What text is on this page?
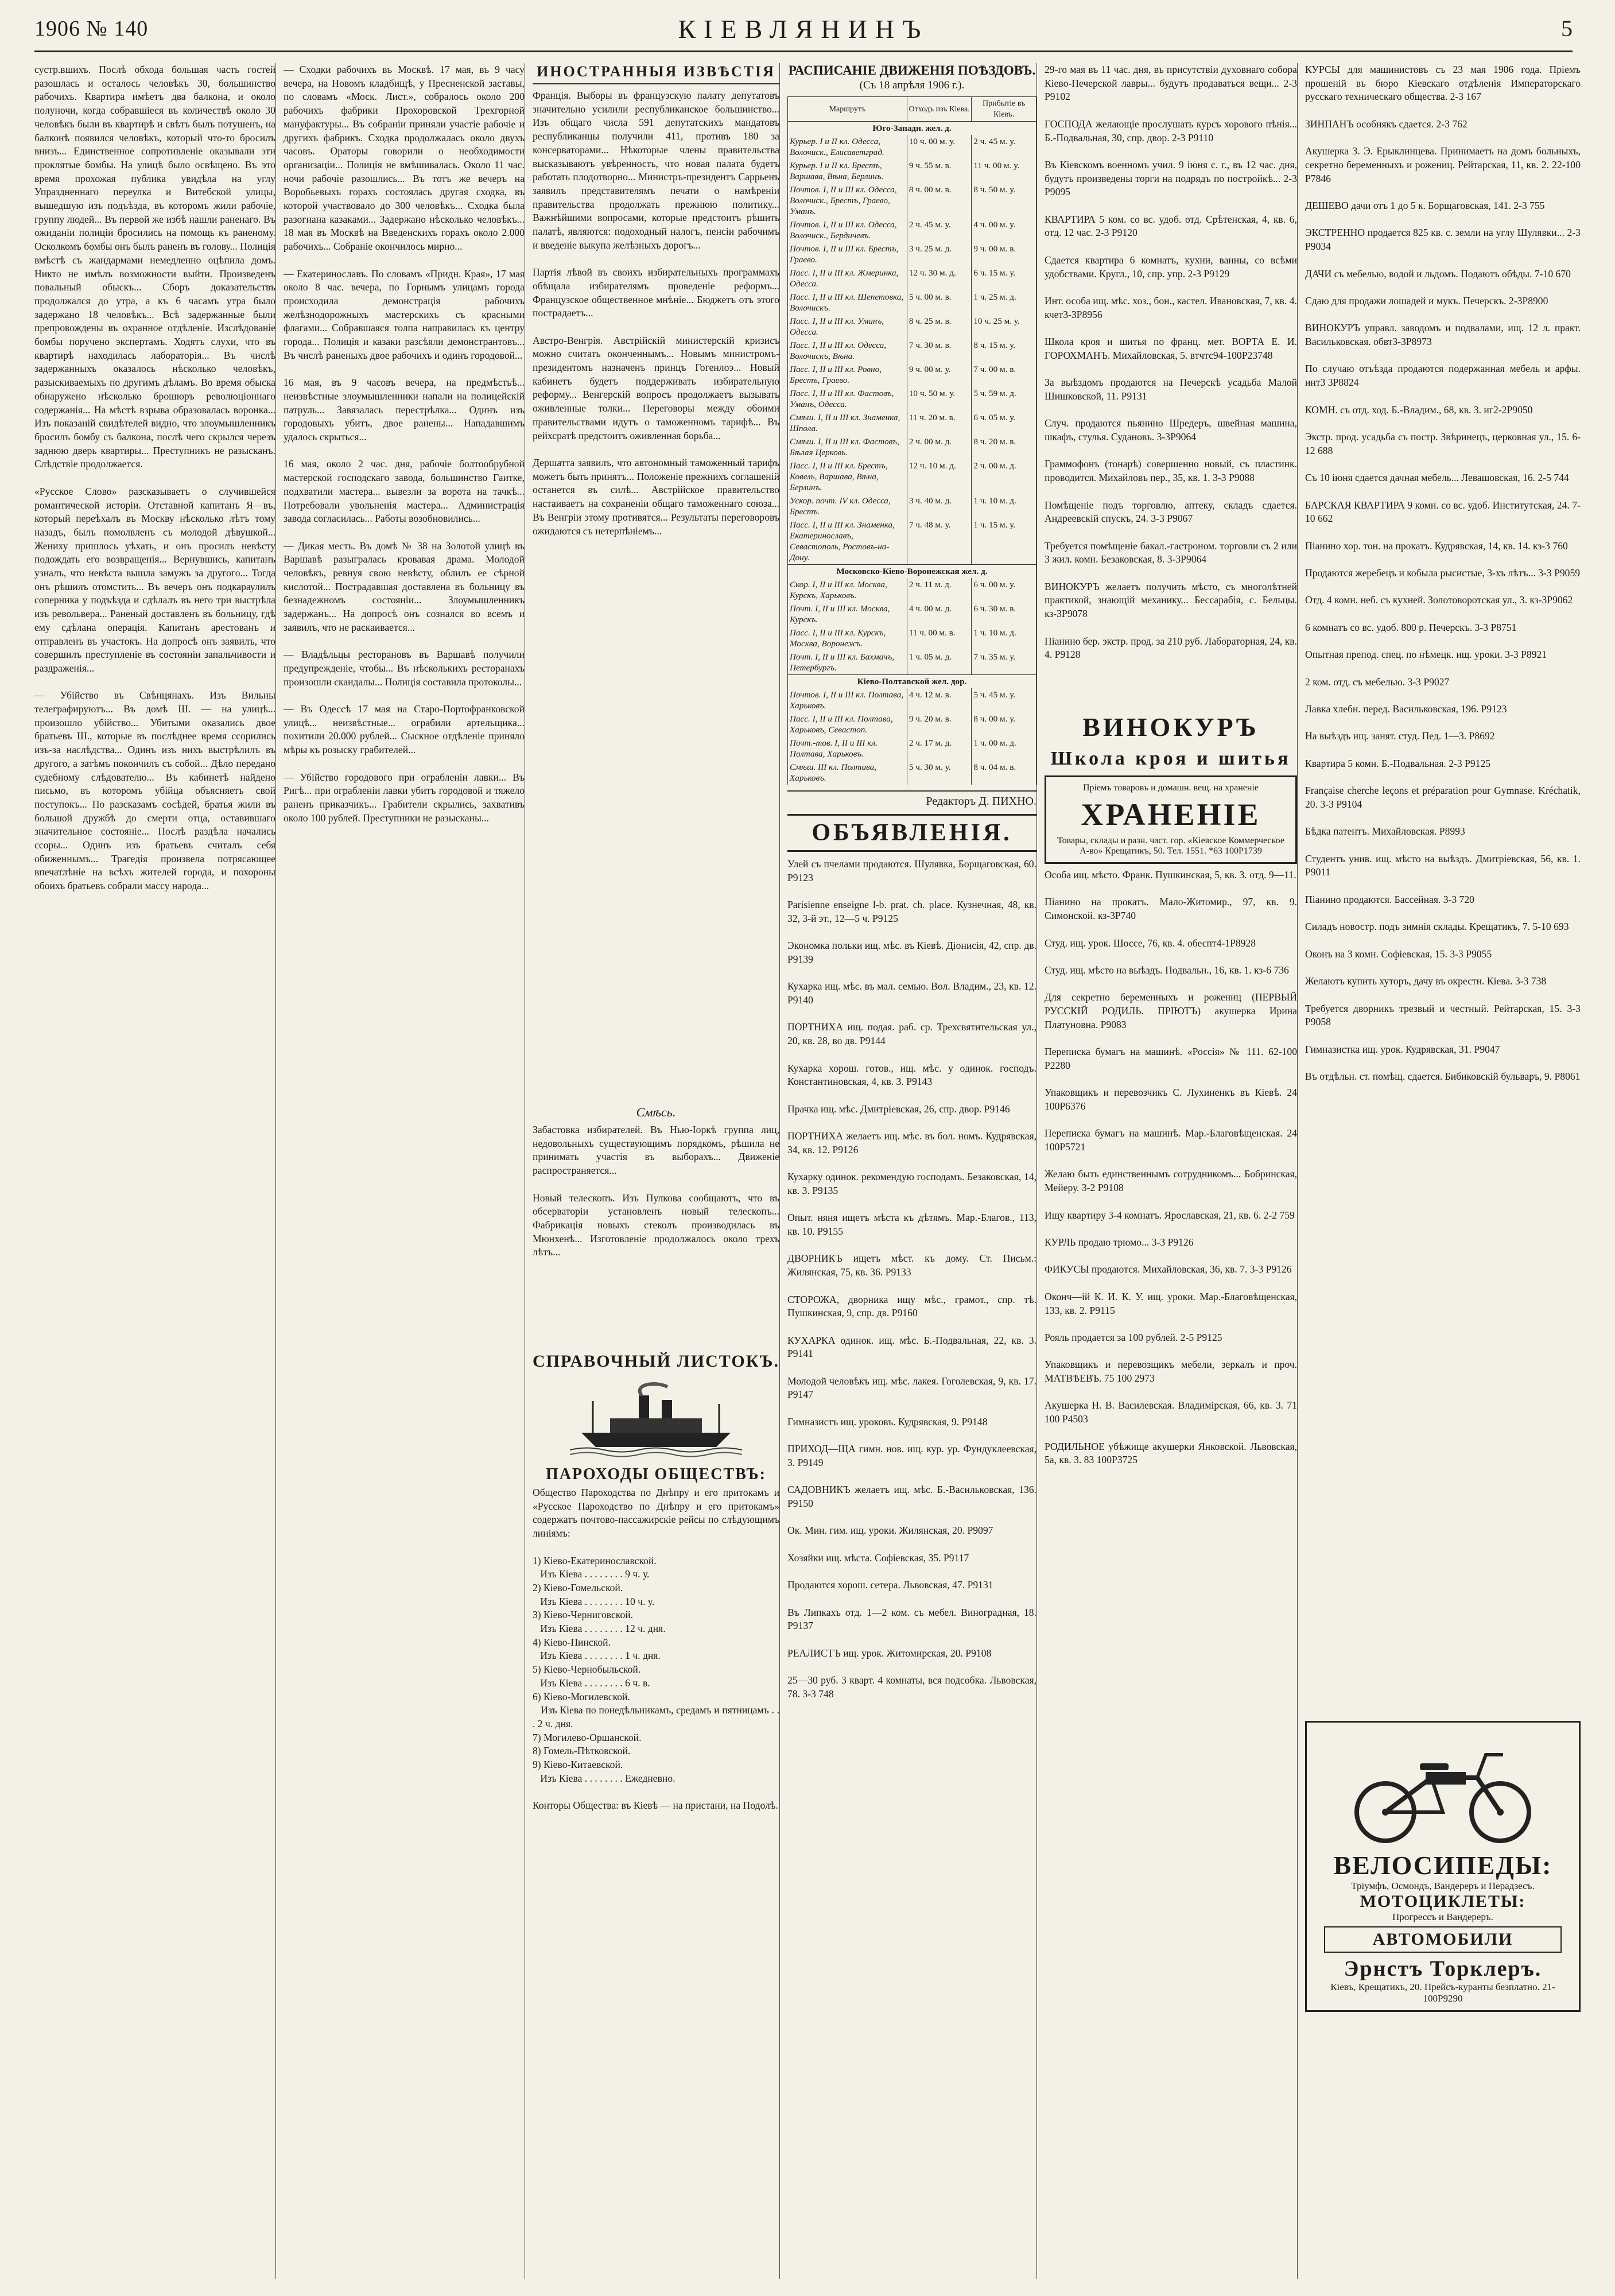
1906 № 140	КІЕВЛЯНИНЪ	5

сустр.вшихъ. Послѣ обхода большая часть гостей разошлась и осталось человѣкъ 30, большинство рабочихъ. Квартира имѣетъ два балкона, и около полуночи, когда собравшіеся въ количествѣ около 30 человѣкъ были въ квартирѣ и свѣтъ былъ потушенъ, на балконѣ появился человѣкъ, который что-то бросилъ внизъ... Единственное сопротивленіе оказывали эти проклятые бомбы. На улицѣ было освѣщено. Въ это время прохожая публика увидѣла на углу Упраздненнаго переулка и Витебской улицы, вышедшую изъ подъѣзда, въ которомъ жили рабочіе, группу людей... Въ первой же избѣ нашли раненаго. Въ ожиданіи полиціи бросились на помощь къ раненому. Осколкомъ бомбы онъ былъ раненъ въ голову... Полиція вмѣстѣ съ жандармами немедленно оцѣпила домъ. Никто не имѣлъ возможности выйти. Произведенъ повальный обыскъ... Сборъ доказательствъ продолжался до утра, а къ 6 часамъ утра было задержано 18 человѣкъ... Всѣ задержанные были препровождены въ охранное отдѣленіе. Изслѣдованіе бомбы поручено экспертамъ. Ходятъ слухи, что въ квартирѣ находилась лабораторія... Въ числѣ задержанныхъ оказалось нѣсколько человѣкъ, разыскиваемыхъ по другимъ дѣламъ. Во время обыска обнаружено нѣсколько брошюръ революціоннаго содержанія... На мѣстѣ взрыва образовалась воронка... Изъ показаній свидѣтелей видно, что злоумышленникъ бросилъ бомбу съ балкона, послѣ чего скрылся черезъ заднюю дверь квартиры... Преступникъ не разысканъ. Слѣдствіе продолжается.

«Русское Слово» разсказываетъ о случившейся романтической исторіи. Отставной капитанъ Я—въ, который переѣхалъ въ Москву нѣсколько лѣтъ тому назадъ, былъ помолвленъ съ молодой дѣвушкой... Жениху пришлось уѣхать, и онъ просилъ невѣсту подождать его возвращенія... Вернувшись, капитанъ узналъ, что невѣста вышла замужъ за другого... Тогда онъ рѣшилъ отомстить... Въ вечеръ онъ подкараулилъ соперника у подъѣзда и сдѣлалъ въ него три выстрѣла изъ револьвера... Раненый доставленъ въ больницу, гдѣ ему сдѣлана операція. Капитанъ арестованъ и отправленъ въ участокъ. На допросѣ онъ заявилъ, что совершилъ преступленіе въ состояніи запальчивости и раздраженія...

— Убійство въ Свѣнцянахъ. Изъ Вильны телеграфируютъ... Въ домѣ Ш. — на улицѣ... произошло убійство... Убитыми оказались двое братьевъ Ш., которые въ послѣднее время ссорились изъ-за наслѣдства... Одинъ изъ нихъ выстрѣлилъ въ другого, а затѣмъ покончилъ съ собой... Дѣло передано судебному слѣдователю... Въ кабинетѣ найдено письмо, въ которомъ убійца объясняетъ свой поступокъ... По разсказамъ сосѣдей, братья жили въ большой дружбѣ до смерти отца, оставившаго значительное состояніе... Послѣ раздѣла начались ссоры... Одинъ изъ братьевъ считалъ себя обиженнымъ... Трагедія произвела потрясающее впечатлѣніе на всѣхъ жителей города, и похороны обоихъ братьевъ собрали массу народа...

— Сходки рабочихъ въ Москвѣ. 17 мая, въ 9 часу вечера, на Новомъ кладбищѣ, у Пресненской заставы, по словамъ «Моск. Лист.», собралось около 200 рабочихъ фабрики Прохоровской Трехгорной мануфактуры... Въ собраніи приняли участіе рабочіе и другихъ фабрикъ. Сходка продолжалась около двухъ часовъ. Ораторы говорили о необходимости организаціи... Полиція не вмѣшивалась. Около 11 час. ночи рабочіе разошлись... Въ тотъ же вечеръ на Воробьевыхъ горахъ состоялась другая сходка, въ которой участвовало до 300 человѣкъ... Сходка была разогнана казаками... Задержано нѣсколько человѣкъ... 18 мая въ Москвѣ на Введенскихъ горахъ около 2.000 рабочихъ... Собраніе окончилось мирно...

— Екатеринославъ. По словамъ «Придн. Края», 17 мая около 8 час. вечера, по Горнымъ улицамъ города происходила демонстрація рабочихъ желѣзнодорожныхъ мастерскихъ съ красными флагами... Собравшаяся толпа направилась къ центру города... Полиція и казаки разсѣяли демонстрантовъ... Въ числѣ раненыхъ двое рабочихъ и одинъ городовой...

16 мая, въ 9 часовъ вечера, на предмѣстьѣ... неизвѣстные злоумышленники напали на полицейскій патруль... Завязалась перестрѣлка... Одинъ изъ городовыхъ убитъ, двое ранены... Нападавшимъ удалось скрыться...

16 мая, около 2 час. дня, рабочіе болтообрубной мастерской господскаго завода, большинство Гаитке, подхватили мастера... вывезли за ворота на тачкѣ... Потребовали увольненія мастера... Администрація завода согласилась... Работы возобновились...

— Дикая месть. Въ домѣ № 38 на Золотой улицѣ въ Варшавѣ разыгралась кровавая драма. Молодой человѣкъ, ревнуя свою невѣсту, облилъ ее сѣрной кислотой... Пострадавшая доставлена въ больницу въ безнадежномъ состояніи... Злоумышленникъ задержанъ... На допросѣ онъ сознался во всемъ и заявилъ, что не раскаивается...

— Владѣльцы ресторановъ въ Варшавѣ получили предупрежденіе, чтобы... Въ нѣсколькихъ ресторанахъ произошли скандалы... Полиція составила протоколы...

— Въ Одессѣ 17 мая на Старо-Портофранковской улицѣ... неизвѣстные... ограбили артельщика... похитили 20.000 рублей... Сыскное отдѣленіе приняло мѣры къ розыску грабителей...

— Убійство городового при ограбленіи лавки... Въ Ригѣ... при ограбленіи лавки убитъ городовой и тяжело раненъ приказчикъ... Грабители скрылись, захвативъ около 100 рублей. Преступники не разысканы...

ИНОСТРАННЫЯ ИЗВѢСТІЯ

Франція. Выборы въ французскую палату депутатовъ значительно усилили республиканское большинство... Изъ общаго числа 591 депутатскихъ мандатовъ республиканцы получили 411, противъ 180 за консерваторами... Нѣкоторые члены правительства высказываютъ увѣренность, что новая палата будетъ работать плодотворно... Министръ-президентъ Саррьенъ заявилъ представителямъ печати о намѣреніи правительства продолжать прежнюю политику... Важнѣйшими вопросами, которые предстоитъ рѣшить палатѣ, являются: подоходный налогъ, пенсіи рабочимъ и введеніе выкупа желѣзныхъ дорогъ...

Партія лѣвой въ своихъ избирательныхъ программахъ обѣщала избирателямъ проведеніе реформъ... Французское общественное мнѣніе... Бюджетъ отъ этого пострадаетъ...

Австро-Венгрія. Австрійскій министерскій кризисъ можно считать оконченнымъ... Новымъ министромъ-президентомъ назначенъ принцъ Гогенлоэ... Новый кабинетъ будетъ поддерживать избирательную реформу... Венгерскій вопросъ продолжаетъ вызывать оживленные толки... Переговоры между обоими правительствами идутъ о таможенномъ тарифѣ... Въ рейхсратѣ предстоитъ оживленная борьба...

Дершатта заявилъ, что автономный таможенный тарифъ можетъ быть принятъ... Положеніе прежнихъ соглашеній останется въ силѣ... Австрійское правительство настаиваетъ на сохраненіи общаго таможеннаго союза... Въ Венгріи этому противятся... Результаты переговоровъ ожидаются съ нетерпѣніемъ...

Смѣсь.

Забастовка избирателей. Въ Нью-Іоркѣ группа лиц, недовольныхъ существующимъ порядкомъ, рѣшила не принимать участія въ выборахъ... Движеніе распространяется...

Новый телескопъ. Изъ Пулкова сообщаютъ, что въ обсерваторіи установленъ новый телескопъ... Фабрикація новыхъ стеколъ производилась въ Мюнхенѣ... Изготовленіе продолжалось около трехъ лѣтъ...

СПРАВОЧНЫЙ ЛИСТОКЪ.
ПАРОХОДЫ ОБЩЕСТВЪ:

Общество Пароходства по Днѣпру и его притокамъ и «Русское Пароходство по Днѣпру и его притокамъ» содержатъ почтово-пассажирскіе рейсы по слѣдующимъ линіямъ:

1) Кіево-Екатеринославской.
Изъ Кіева . . . . . . . . 9 ч. у.
2) Кіево-Гомельской.
Изъ Кіева . . . . . . . . 10 ч. у.
3) Кіево-Черниговской.
Изъ Кіева . . . . . . . . 12 ч. дня.
4) Кіево-Пинской.
Изъ Кіева . . . . . . . . 1 ч. дня.
5) Кіево-Чернобыльской.
Изъ Кіева . . . . . . . . 6 ч. в.
6) Кіево-Могилевской.
Изъ Кіева по понедѣльникамъ, средамъ и пятницамъ . . . 2 ч. дня.
7) Могилево-Оршанской.
8) Гомель-Пѣтковской.
9) Кіево-Китаевской.
Изъ Кіева . . . . . . . . Ежедневно.

Конторы Общества: въ Кіевѣ — на пристани, на Подолѣ.

РАСПИСАНІЕ ДВИЖЕНІЯ ПОѢЗДОВЪ.
(Съ 18 апрѣля 1906 г.).
Маршрутъ	Отходъ изъ Кіева.	Прибытіе въ Кіевъ.
Юго-Западн. жел. д.		
Курьер. I и II кл. Одесса, Волочиск., Елисаветград.	10 ч. 00 м. у.	2 ч. 45 м. у.
Курьер. I и II кл. Брестъ, Варшава, Вѣна, Берлинъ.	9 ч. 55 м. в.	11 ч. 00 м. у.
Почтов. I, II и III кл. Одесса, Волочиск., Брестъ, Граево, Уманъ.	8 ч. 00 м. в.	8 ч. 50 м. у.
Почтов. I, II и III кл. Одесса, Волочиск., Бердичевъ.	2 ч. 45 м. у.	4 ч. 00 м. у.
Почтов. I, II и III кл. Брестъ, Граево.	3 ч. 25 м. д.	9 ч. 00 м. в.
Пасс. I, II и III кл. Жмеринка, Одесса.	12 ч. 30 м. д.	6 ч. 15 м. у.
Пасс. I, II и III кл. Шепетовка, Волочискъ.	5 ч. 00 м. в.	1 ч. 25 м. д.
Пасс. I, II и III кл. Уманъ, Одесса.	8 ч. 25 м. в.	10 ч. 25 м. у.
Пасс. I, II и III кл. Одесса, Волочискъ, Вѣна.	7 ч. 30 м. в.	8 ч. 15 м. у.
Пасс. I, II и III кл. Ровно, Брестъ, Граево.	9 ч. 00 м. у.	7 ч. 00 м. в.
Пасс. I, II и III кл. Фастовъ, Уманъ, Одесса.	10 ч. 50 м. у.	5 ч. 59 м. д.
Смѣш. I, II и III кл. Знаменка, Шпола.	11 ч. 20 м. в.	6 ч. 05 м. у.
Смѣш. I, II и III кл. Фастовъ, Бѣлая Церковь.	2 ч. 00 м. д.	8 ч. 20 м. в.
Пасс. I, II и III кл. Брестъ, Ковель, Варшава, Вѣна, Берлинъ.	12 ч. 10 м. д.	2 ч. 00 м. д.
Ускор. почт. IV кл. Одесса, Брестъ.	3 ч. 40 м. д.	1 ч. 10 м. д.
Пасс. I, II и III кл. Знаменка, Екатеринославъ, Севастополь, Ростовъ-на-Дону.	7 ч. 48 м. у.	1 ч. 15 м. у.
Московско-Кіево-Воронежская жел. д.		
Скор. I, II и III кл. Москва, Курскъ, Харьковъ.	2 ч. 11 м. д.	6 ч. 00 м. у.
Почт. I, II и III кл. Москва, Курскъ.	4 ч. 00 м. д.	6 ч. 30 м. в.
Пасс. I, II и III кл. Курскъ, Москва, Воронежъ.	11 ч. 00 м. в.	1 ч. 10 м. д.
Почт. I, II и III кл. Бахмачъ, Петербургъ.	1 ч. 05 м. д.	7 ч. 35 м. у.
Кіево-Полтавской жел. дор.		
Почтов. I, II и III кл. Полтава, Харьковъ.	4 ч. 12 м. в.	5 ч. 45 м. у.
Пасс. I, II и III кл. Полтава, Харьковъ, Севастоп.	9 ч. 20 м. в.	8 ч. 00 м. у.
Почт.-тов. I, II и III кл. Полтава, Харьковъ.	2 ч. 17 м. д.	1 ч. 00 м. д.
Смѣш. III кл. Полтава, Харьковъ.	5 ч. 30 м. у.	8 ч. 04 м. в.
Редакторъ Д. ПИХНО.
ОБЪЯВЛЕНІЯ.

Улей съ пчелами продаются. Шулявка, Борщаговская, 60. Р9123

Parisienne enseigne l-b. prat. ch. place. Кузнечная, 48, кв. 32, 3-й эт., 12—5 ч. Р9125

Экономка польки ищ. мѣс. въ Кіевѣ. Діонисія, 42, спр. дв. Р9139

Кухарка ищ. мѣс. въ мал. семью. Вол. Владим., 23, кв. 12. Р9140

ПОРТНИХА ищ. подая. раб. ср. Трехсвятительская ул., 20, кв. 28, во дв. Р9144

Кухарка хорош. готов., ищ. мѣс. у одинок. господъ. Константиновская, 4, кв. 3. Р9143

Прачка ищ. мѣс. Дмитріевская, 26, спр. двор. Р9146

ПОРТНИХА желаетъ ищ. мѣс. въ бол. номъ. Кудрявская, 34, кв. 12. Р9126

Кухарку одинок. рекомендую господамъ. Безаковская, 14, кв. 3. Р9135

Опыт. няня ищетъ мѣста къ дѣтямъ. Мар.-Благов., 113, кв. 10. Р9155

ДВОРНИКЪ ищетъ мѣст. къ дому. Ст. Письм.: Жилянская, 75, кв. 36. Р9133

СТОРОЖА, дворника ищу мѣс., грамот., спр. тѣ. Пушкинская, 9, спр. дв. Р9160

КУХАРКА одинок. ищ. мѣс. Б.-Подвальная, 22, кв. 3. Р9141

Молодой человѣкъ ищ. мѣс. лакея. Гоголевская, 9, кв. 17. Р9147

Гимназистъ ищ. уроковъ. Кудрявская, 9. Р9148

ПРИХОД—ЩА гимн. нов. ищ. кур. ур. Фундуклеевская, 3. Р9149

САДОВНИКЪ желаетъ ищ. мѣс. Б.-Васильковская, 136. Р9150

Ок. Мин. гим. ищ. уроки. Жилянская, 20. Р9097

Хозяйки ищ. мѣста. Софіевская, 35. Р9117

Продаются хорош. сетера. Львовская, 47. Р9131

Въ Липкахъ отд. 1—2 ком. съ мебел. Виноградная, 18. Р9137

РЕАЛИСТЪ ищ. урок. Житомирская, 20. Р9108

25—30 руб. 3 кварт. 4 комнаты, вся подсобка. Львовская, 78. 3-3 748

29-го мая въ 11 час. дня, въ присутствіи духовнаго собора Кіево-Печерской лавры... будутъ продаваться вещи... 2-3 Р9102

ГОСПОДА желающіе прослушать курсъ хорового пѣнія... Б.-Подвальная, 30, спр. двор. 2-3 Р9110

Въ Кіевскомъ военномъ учил. 9 іюня с. г., въ 12 час. дня, будутъ произведены торги на подрядъ по постройкѣ... 2-3 Р9095

КВАРТИРА 5 ком. со вс. удоб. отд. Срѣтенская, 4, кв. 6, отд. 12 час. 2-3 Р9120

Сдается квартира 6 комнатъ, кухни, ванны, со всѣми удобствами. Кругл., 10, спр. упр. 2-3 Р9129

Инт. особа ищ. мѣс. хоз., бон., кастел. Ивановская, 7, кв. 4. кчет3-3Р8956

Школа кроя и шитья по франц. мет. ВОРТА Е. И. ГОРОХМАНЪ. Михайловская, 5. втчтс94-100Р23748

За выѣздомъ продаются на Печерскѣ усадьба Малой Шишковской, 11. Р9131

Случ. продаются пьянино Шредеръ, швейная машина, шкафъ, стулья. Судановъ. 3-3Р9064

Граммофонъ (тонарѣ) совершенно новый, съ пластинк. проводится. Михайловъ пер., 35, кв. 1. 3-3 Р9088

Помѣщеніе подъ торговлю, аптеку, складъ сдается. Андреевскій спускъ, 24. 3-3 Р9067

Требуется помѣщеніе бакал.-гастроном. торговли съ 2 или 3 жил. комн. Безаковская, 8. 3-3Р9064

ВИНОКУРЪ желаетъ получить мѣсто, съ многолѣтней практикой, знающій механику... Бессарабія, с. Бельцы. кз-3Р9078

Піанино бер. экстр. прод. за 210 руб. Лабораторная, 24, кв. 4. Р9128

ВИНОКУРЪ
Школа кроя и шитья
Пріемъ товаровъ и домашн. вещ. на храненіе
ХРАНЕНІЕ
Товары, склады и разн. част. гор. «Кіевское Коммерческое А-во» Крещатикъ, 50. Тел. 1551. *63 100Р1739

Особа ищ. мѣсто. Франк. Пушкинская, 5, кв. 3. отд. 9—11.

Піанино на прокатъ. Мало-Житомир., 97, кв. 9. Симонской. кз-3Р740

Студ. ищ. урок. Шоссе, 76, кв. 4. обеспт4-1Р8928

Студ. ищ. мѣсто на выѣздъ. Подвальн., 16, кв. 1. кз-6 736

Для секретно беременныхъ и рожениц (ПЕРВЫЙ РУССКІЙ РОДИЛЬ. ПРІЮТЪ) акушерка Ирина Платуновна. Р9083

Переписка бумагъ на машинѣ. «Россія» № 111. 62-100 Р2280

Упаковщикъ и перевозчикъ С. Лухиненкъ въ Кіевѣ. 24 100Р6376

Переписка бумагъ на машинѣ. Мар.-Благовѣщенская. 24 100Р5721

Желаю быть единственнымъ сотрудникомъ... Бобринская, Мейеру. 3-2 Р9108

Ищу квартиру 3-4 комнатъ. Ярославская, 21, кв. 6. 2-2 759

КУРЛЬ продаю трюмо... 3-3 Р9126

ФИКУСЫ продаются. Михайловская, 36, кв. 7. 3-3 Р9126

Оконч—ій К. И. К. У. ищ. уроки. Мар.-Благовѣщенская, 133, кв. 2. Р9115

Рояль продается за 100 рублей. 2-5 Р9125

Упаковщикъ и перевозщикъ мебели, зеркалъ и проч. МАТВѢЕВЪ. 75 100 2973

Акушерка Н. В. Василевская. Владимірская, 66, кв. 3. 71 100 Р4503

РОДИЛЬНОЕ убѣжище акушерки Янковской. Львовская, 5а, кв. 3. 83 100Р3725

КУРСЫ для машинистовъ съ 23 мая 1906 года. Пріемъ прошеній въ бюро Кіевскаго отдѣленія Императорскаго русскаго техническаго общества. 2-3 167

ЗИНПАНЪ особнякъ сдается. 2-3 762

Акушерка З. Э. Ерыклинцева. Принимаетъ на домъ больныхъ, секретно беременныхъ и рожениц. Рейтарская, 11, кв. 2. 22-100 Р7846

ДЕШЕВО дачи отъ 1 до 5 к. Борщаговская, 141. 2-3 755

ЭКСТРЕННО продается 825 кв. с. земли на углу Шулявки... 2-3 Р9034

ДАЧИ съ мебелью, водой и льдомъ. Подаютъ обѣды. 7-10 670

Сдаю для продажи лошадей и мукъ. Печерскъ. 2-3Р8900

ВИНОКУРЪ управл. заводомъ и подвалами, ищ. 12 л. практ. Васильковская. обвт3-3Р8973

По случаю отъѣзда продаются подержанная мебель и арфы. инт3 3Р8824

КОМН. съ отд. ход. Б.-Владим., 68, кв. 3. иг2-2Р9050

Экстр. прод. усадьба съ постр. Звѣринецъ, церковная ул., 15. 6-12 688

Съ 10 іюня сдается дачная мебель... Левашовская, 16. 2-5 744

БАРСКАЯ КВАРТИРА 9 комн. со вс. удоб. Институтская, 24. 7-10 662

Піанино хор. тон. на прокатъ. Кудрявская, 14, кв. 14. кз-3 760

Продаются жеребецъ и кобыла рысистые, 3-хъ лѣтъ... 3-3 Р9059

Отд. 4 комн. неб. съ кухней. Золотоворотская ул., 3. кз-3Р9062

6 комнатъ со вс. удоб. 800 р. Печерскъ. 3-3 Р8751

Опытная препод. спец. по нѣмецк. ищ. уроки. 3-3 Р8921

2 ком. отд. съ мебелью. 3-3 Р9027

Лавка хлебн. перед. Васильковская, 196. Р9123

На выѣздъ ищ. занят. студ. Пед. 1—3. Р8692

Квартира 5 комн. Б.-Подвальная. 2-3 Р9125

Française cherche leçons et préparation pour Gymnase. Kréchatik, 20. 3-3 Р9104

Бѣдка патентъ. Михайловская. Р8993

Студентъ унив. ищ. мѣсто на выѣздъ. Дмитріевская, 56, кв. 1. Р9011

Піанино продаются. Бассейная. 3-3 720

Силадъ новостр. подъ зимнія склады. Крещатикъ, 7. 5-10 693

Оконъ на 3 комн. Софіевская, 15. 3-3 Р9055

Желаютъ купить хуторъ, дачу въ окрестн. Кіева. 3-3 738

Требуется дворникъ трезвый и честный. Рейтарская, 15. 3-3 Р9058

Гимназистка ищ. урок. Кудрявская, 31. Р9047

Въ отдѣльн. ст. помѣщ. сдается. Бибиковскій бульваръ, 9. Р8061

ВЕЛОСИПЕДЫ:
Тріумфъ, Осмондъ, Вандереръ и Перадзесъ.
МОТОЦИКЛЕТЫ:
Прогрессъ и Вандереръ.
АВТОМОБИЛИ
Эрнстъ Торклеръ.
Кіевъ, Крещатикъ, 20. Прейсъ-куранты безплатно. 21-100Р9290
